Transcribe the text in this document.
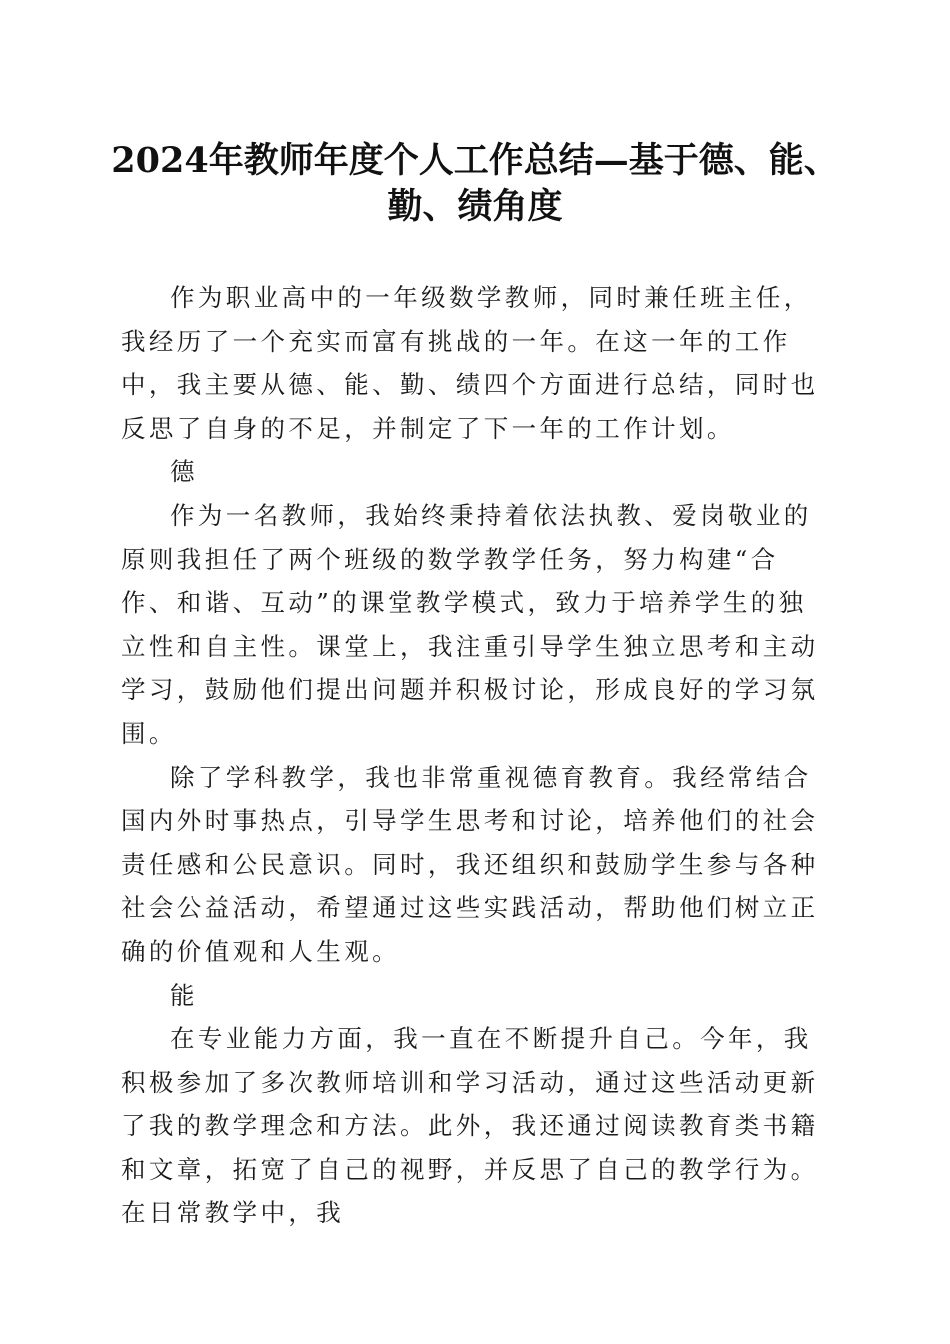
2024年教师年度个人工作总结—基于德、能、勤、绩角度

作为职业高中的一年级数学教师，同时兼任班主任，我经历了一个充实而富有挑战的一年。在这一年的工作中，我主要从德、能、勤、绩四个方面进行总结，同时也反思了自身的不足，并制定了下一年的工作计划。

德

作为一名教师，我始终秉持着依法执教、爱岗敬业的原则我担任了两个班级的数学教学任务，努力构建“合作、和谐、互动”的课堂教学模式，致力于培养学生的独立性和自主性。课堂上，我注重引导学生独立思考和主动学习，鼓励他们提出问题并积极讨论，形成良好的学习氛围。

除了学科教学，我也非常重视德育教育。我经常结合国内外时事热点，引导学生思考和讨论，培养他们的社会责任感和公民意识。同时，我还组织和鼓励学生参与各种社会公益活动，希望通过这些实践活动，帮助他们树立正确的价值观和人生观。

能

在专业能力方面，我一直在不断提升自己。今年，我积极参加了多次教师培训和学习活动，通过这些活动更新了我的教学理念和方法。此外，我还通过阅读教育类书籍和文章，拓宽了自己的视野，并反思了自己的教学行为。在日常教学中，我
